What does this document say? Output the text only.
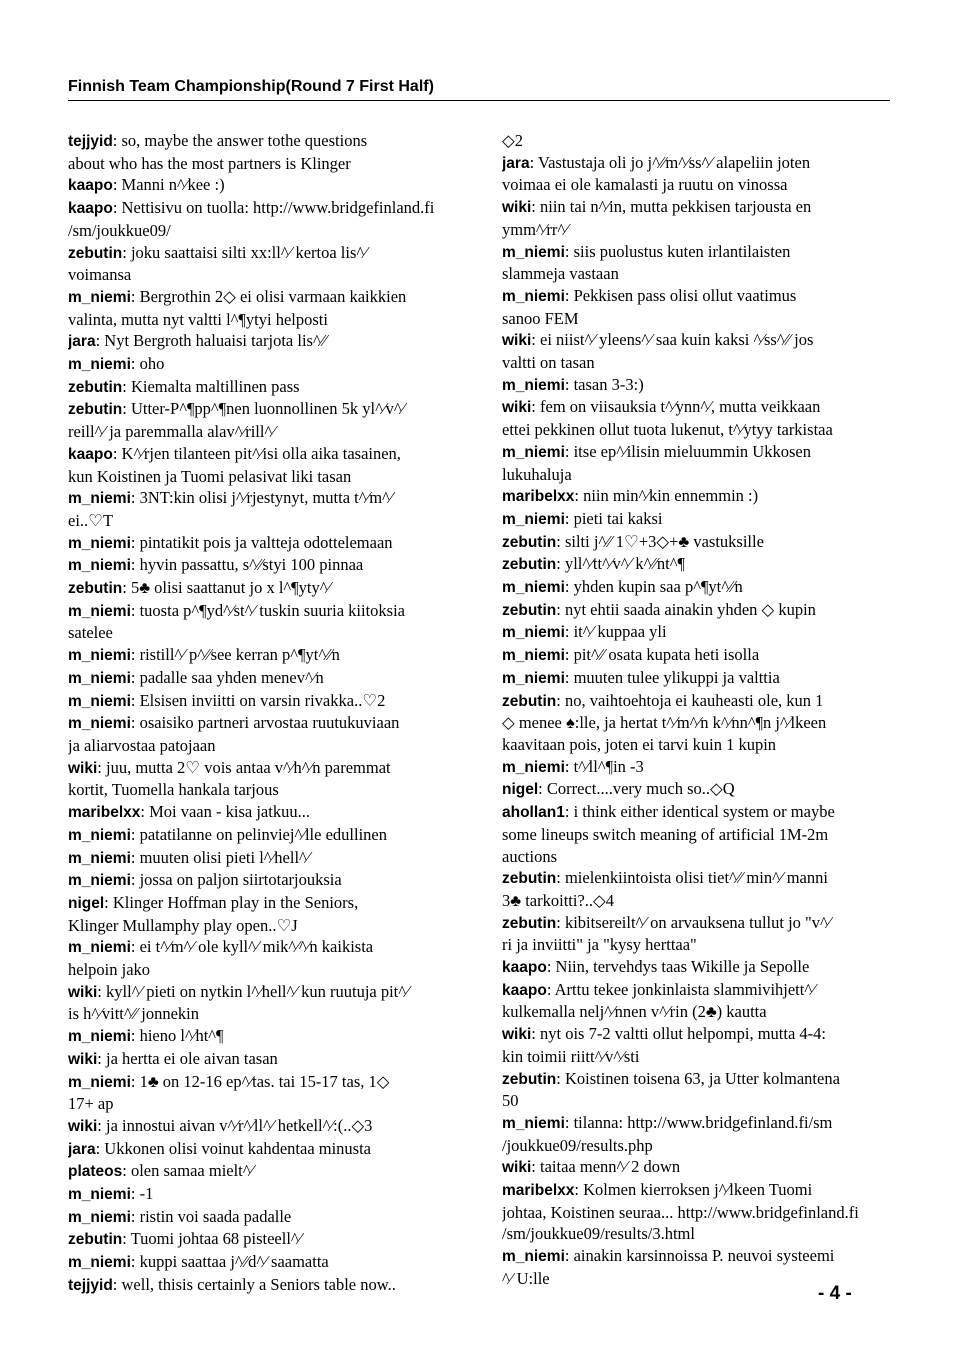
Finnish Team Championship(Round 7 First Half)
tejjyid: so, maybe the answer tothe questions
about who has the most partners is Klinger
kaapo: Manni n^⁄kee :)
kaapo: Nettisivu on tuolla: http://www.bridgefinland.fi
/sm/joukkue09/
zebutin: joku saattaisi silti xx:ll^⁄ kertoa lis^⁄
voimansa
m_niemi: Bergrothin 2◇ ei olisi varmaan kaikkien
valinta, mutta nyt valtti l^¶ytyi helposti
jara: Nyt Bergroth haluaisi tarjota lis^⁄⁄
m_niemi: oho
zebutin: Kiemalta maltillinen pass
zebutin: Utter-P^¶pp^¶nen luonnollinen 5k yl^⁄v^⁄
reill^⁄ ja paremmalla alav^⁄rill^⁄
kaapo: K^⁄rjen tilanteen pit^⁄isi olla aika tasainen,
kun Koistinen ja Tuomi pelasivat liki tasan
m_niemi: 3NT:kin olisi j^⁄rjestynyt, mutta t^⁄m^⁄
ei..♡T
m_niemi: pintatikit pois ja valtteja odottelemaan
m_niemi: hyvin passattu, s^⁄⁄styi 100 pinnaa
zebutin: 5♣ olisi saattanut jo x l^¶yty^⁄
m_niemi: tuosta p^¶yd^⁄st^⁄ tuskin suuria kiitoksia
satelee
m_niemi: ristill^⁄ p^⁄⁄see kerran p^¶yt^⁄⁄n
m_niemi: padalle saa yhden menev^⁄n
m_niemi: Elsisen inviitti on varsin rivakka..♡2
m_niemi: osaisiko partneri arvostaa ruutukuviaan
ja aliarvostaa patojaan
wiki: juu, mutta 2♡ vois antaa v^⁄h^⁄n paremmat
kortit, Tuomella hankala tarjous
maribelxx: Moi vaan - kisa jatkuu...
m_niemi: patatilanne on pelinviej^⁄lle edullinen
m_niemi: muuten olisi pieti l^⁄hell^⁄
m_niemi: jossa on paljon siirtotarjouksia
nigel: Klinger Hoffman play in the Seniors,
Klinger Mullamphy play open..♡J
m_niemi: ei t^⁄m^⁄ ole kyll^⁄ mik^⁄^⁄n kaikista
helpoin jako
wiki: kyll^⁄ pieti on nytkin l^⁄hell^⁄ kun ruutuja pit^⁄
is h^⁄vitt^⁄⁄ jonnekin
m_niemi: hieno l^⁄ht^¶
wiki: ja hertta ei ole aivan tasan
m_niemi: 1♣ on 12-16 ep^⁄tas. tai 15-17 tas, 1◇
17+ ap
wiki: ja innostui aivan v^⁄r^⁄ll^⁄ hetkell^⁄:(..◇3
jara: Ukkonen olisi voinut kahdentaa minusta
plateos: olen samaa mielt^⁄
m_niemi: -1
m_niemi: ristin voi saada padalle
zebutin: Tuomi johtaa 68 pisteell^⁄
m_niemi: kuppi saattaa j^⁄⁄d^⁄ saamatta
tejjyid: well, thisis certainly a Seniors table now..
◇2
jara: Vastustaja oli jo j^⁄⁄m^⁄ss^⁄ alapeliin joten
voimaa ei ole kamalasti ja ruutu on vinossa
wiki: niin tai n^⁄in, mutta pekkisen tarjousta en
ymm^⁄rr^⁄
m_niemi: siis puolustus kuten irlantilaisten
slammeja vastaan
m_niemi: Pekkisen pass olisi ollut vaatimus
sanoo FEM
wiki: ei niist^⁄ yleens^⁄ saa kuin kaksi ^⁄ss^⁄⁄ jos
valtti on tasan
m_niemi: tasan 3-3:)
wiki: fem on viisauksia t^⁄ynn^⁄, mutta veikkaan
ettei pekkinen ollut tuota lukenut, t^⁄ytyy tarkistaa
m_niemi: itse ep^⁄ilisin mieluummin Ukkosen
lukuhaluja
maribelxx: niin min^⁄kin ennemmin :)
m_niemi: pieti tai kaksi
zebutin: silti j^⁄⁄ 1♡+3◇+♣ vastuksille
zebutin: yll^⁄tt^⁄v^⁄ k^⁄⁄nt^¶
m_niemi: yhden kupin saa p^¶yt^⁄⁄n
zebutin: nyt ehtii saada ainakin yhden ◇ kupin
m_niemi: it^⁄ kuppaa yli
m_niemi: pit^⁄⁄ osata kupata heti isolla
m_niemi: muuten tulee ylikuppi ja valttia
zebutin: no, vaihtoehtoja ei kauheasti ole, kun 1
◇ menee ♠:lle, ja hertat t^⁄m^⁄n k^⁄nn^¶n j^⁄lkeen
kaavitaan pois, joten ei tarvi kuin 1 kupin
m_niemi: t^⁄ll^¶in -3
nigel: Correct....very much so..◇Q
ahollan1: i think either identical system or maybe
some lineups switch meaning of artificial 1M-2m
auctions
zebutin: mielenkiintoista olisi tiet^⁄⁄ min^⁄ manni
3♣ tarkoitti?..◇4
zebutin: kibitsereilt^⁄ on arvauksena tullut jo "v^⁄
ri ja inviitti" ja "kysy herttaa"
kaapo: Niin, tervehdys taas Wikille ja Sepolle
kaapo: Arttu tekee jonkinlaista slammivihjett^⁄
kulkemalla nelj^⁄nnen v^⁄rin (2♣) kautta
wiki: nyt ois 7-2 valtti ollut helpompi, mutta 4-4:
kin toimii riitt^⁄v^⁄sti
zebutin: Koistinen toisena 63, ja Utter kolmantena
50
m_niemi: tilanna: http://www.bridgefinland.fi/sm
/joukkue09/results.php
wiki: taitaa menn^⁄ 2 down
maribelxx: Kolmen kierroksen j^⁄lkeen Tuomi
johtaa, Koistinen seuraa... http://www.bridgefinland.fi
/sm/joukkue09/results/3.html
m_niemi: ainakin karsinnoissa P. neuvoi systeemi
^⁄ U:lle
- 4 -
